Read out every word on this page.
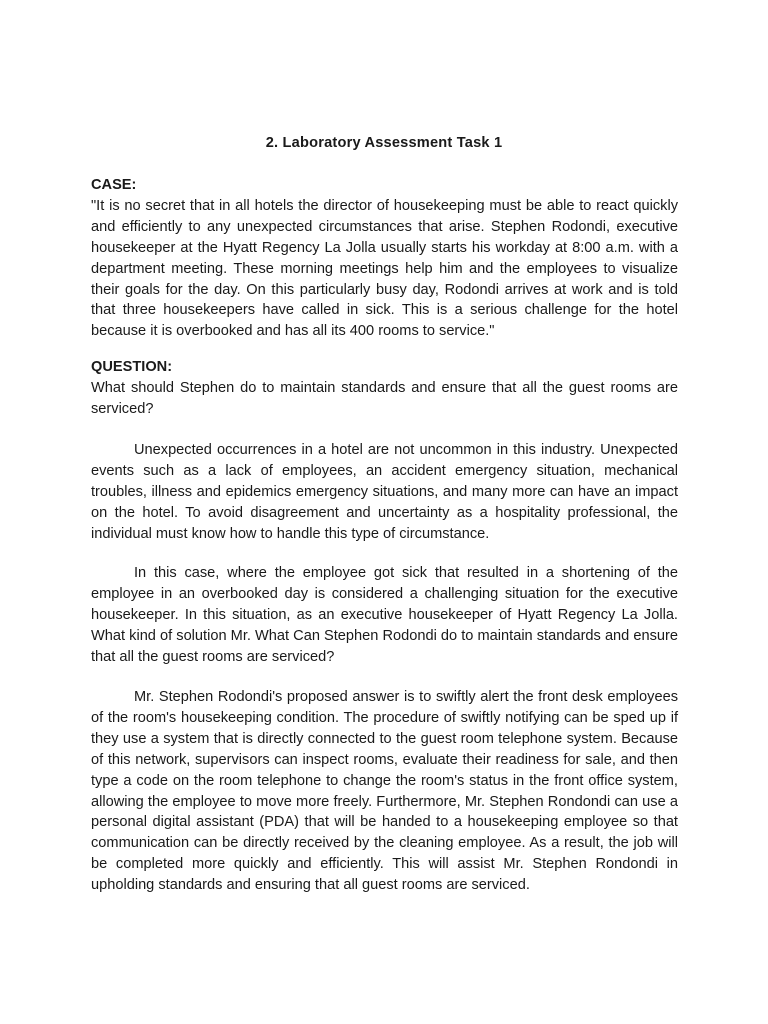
2. Laboratory Assessment Task 1

CASE:

"It is no secret that in all hotels the director of housekeeping must be able to react quickly and efficiently to any unexpected circumstances that arise. Stephen Rodondi, executive housekeeper at the Hyatt Regency La Jolla usually starts his workday at 8:00 a.m. with a department meeting. These morning meetings help him and the employees to visualize their goals for the day. On this particularly busy day, Rodondi arrives at work and is told that three housekeepers have called in sick. This is a serious challenge for the hotel because it is overbooked and has all its 400 rooms to service."

QUESTION:

What should Stephen do to maintain standards and ensure that all the guest rooms are serviced?

Unexpected occurrences in a hotel are not uncommon in this industry. Unexpected events such as a lack of employees, an accident emergency situation, mechanical troubles, illness and epidemics emergency situations, and many more can have an impact on the hotel. To avoid disagreement and uncertainty as a hospitality professional, the individual must know how to handle this type of circumstance.

In this case, where the employee got sick that resulted in a shortening of the employee in an overbooked day is considered a challenging situation for the executive housekeeper. In this situation, as an executive housekeeper of Hyatt Regency La Jolla. What kind of solution Mr. What Can Stephen Rodondi do to maintain standards and ensure that all the guest rooms are serviced?

Mr. Stephen Rodondi's proposed answer is to swiftly alert the front desk employees of the room's housekeeping condition. The procedure of swiftly notifying can be sped up if they use a system that is directly connected to the guest room telephone system. Because of this network, supervisors can inspect rooms, evaluate their readiness for sale, and then type a code on the room telephone to change the room's status in the front office system, allowing the employee to move more freely. Furthermore, Mr. Stephen Rondondi can use a personal digital assistant (PDA) that will be handed to a housekeeping employee so that communication can be directly received by the cleaning employee. As a result, the job will be completed more quickly and efficiently. This will assist Mr. Stephen Rondondi in upholding standards and ensuring that all guest rooms are serviced.
